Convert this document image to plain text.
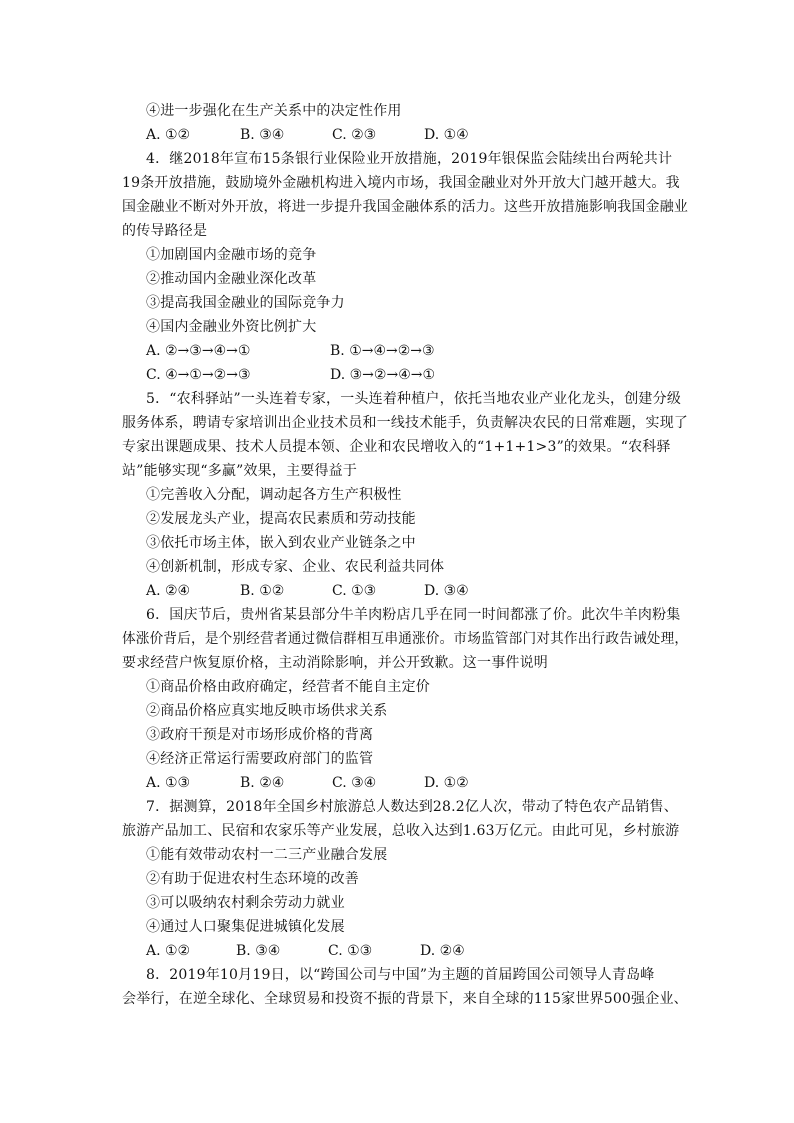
④进一步强化在生产关系中的决定性作用
A. ①②	B. ③④	C. ②③	D. ①④
4．继2018年宣布15条银行业保险业开放措施，2019年银保监会陆续出台两轮共计
19条开放措施，鼓励境外金融机构进入境内市场，我国金融业对外开放大门越开越大。我
国金融业不断对外开放，将进一步提升我国金融体系的活力。这些开放措施影响我国金融业
的传导路径是
①加剧国内金融市场的竞争
②推动国内金融业深化改革
③提高我国金融业的国际竞争力
④国内金融业外资比例扩大
A. ②→③→④→①	B. ①→④→②→③
C. ④→①→②→③	D. ③→②→④→①
5．“农科驿站”一头连着专家，一头连着种植户，依托当地农业产业化龙头，创建分级
服务体系，聘请专家培训出企业技术员和一线技术能手，负责解决农民的日常难题，实现了
专家出课题成果、技术人员提本领、企业和农民增收入的“1+1+1>3”的效果。“农科驿
站”能够实现“多赢”效果，主要得益于
①完善收入分配，调动起各方生产积极性
②发展龙头产业，提高农民素质和劳动技能
③依托市场主体，嵌入到农业产业链条之中
④创新机制，形成专家、企业、农民利益共同体
A. ②④	B. ①②	C. ①③	D. ③④
6．国庆节后，贵州省某县部分牛羊肉粉店几乎在同一时间都涨了价。此次牛羊肉粉集
体涨价背后，是个别经营者通过微信群相互串通涨价。市场监管部门对其作出行政告诫处理，
要求经营户恢复原价格，主动消除影响，并公开致歉。这一事件说明
①商品价格由政府确定，经营者不能自主定价
②商品价格应真实地反映市场供求关系
③政府干预是对市场形成价格的背离
④经济正常运行需要政府部门的监管
A. ①③	B. ②④	C. ③④	D. ①②
7．据测算，2018年全国乡村旅游总人数达到28.2亿人次，带动了特色农产品销售、
旅游产品加工、民宿和农家乐等产业发展，总收入达到1.63万亿元。由此可见，乡村旅游
①能有效带动农村一二三产业融合发展
②有助于促进农村生态环境的改善
③可以吸纳农村剩余劳动力就业
④通过人口聚集促进城镇化发展
A. ①②	B. ③④	C. ①③	D. ②④
8．2019年10月19日，以“跨国公司与中国”为主题的首届跨国公司领导人青岛峰
会举行，在逆全球化、全球贸易和投资不振的背景下，来自全球的115家世界500强企业、
